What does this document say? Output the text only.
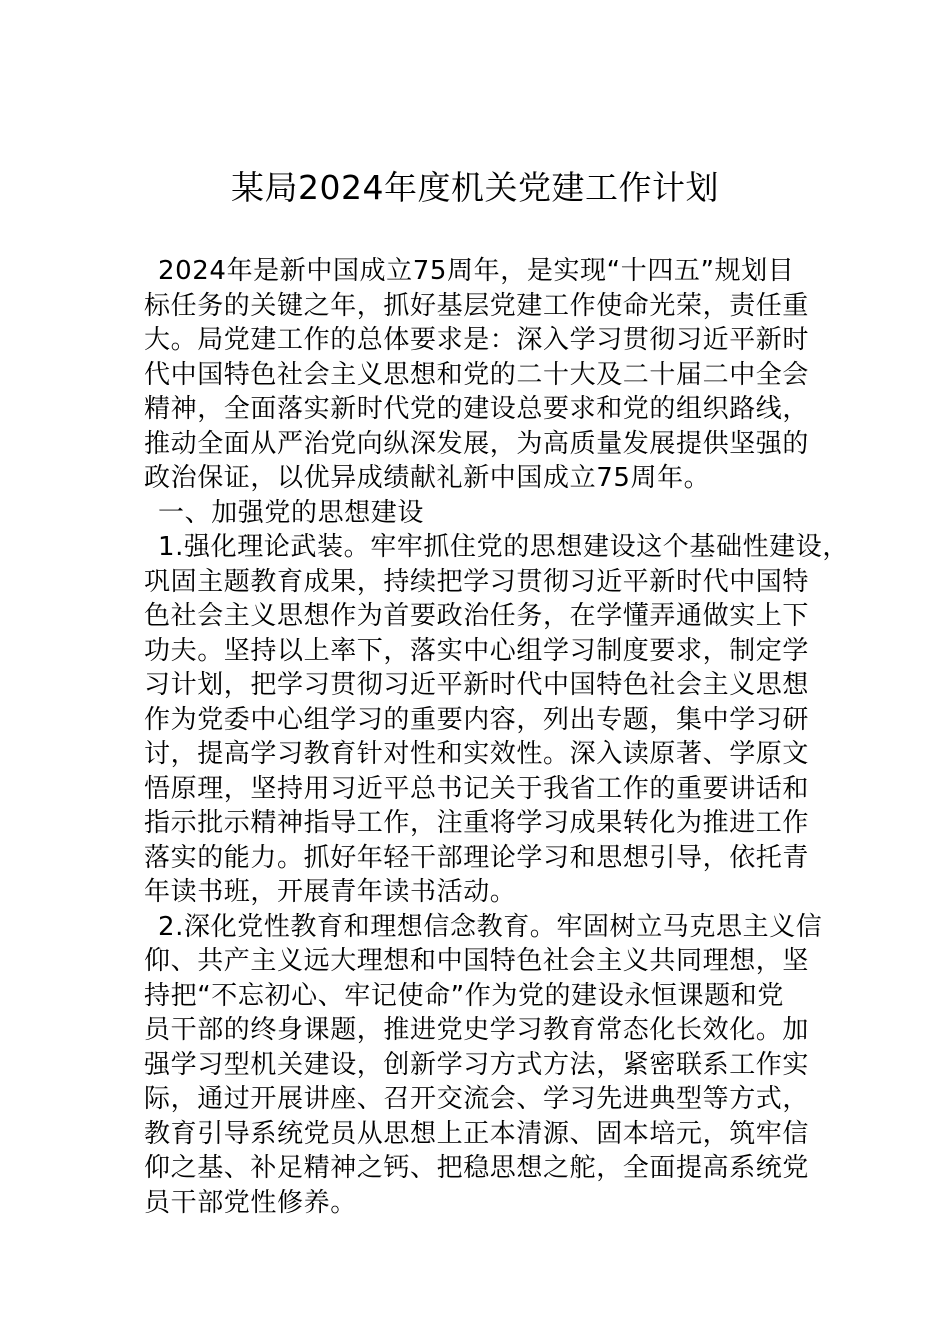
某局2024年度机关党建工作计划
2024年是新中国成立75周年，是实现“十四五”规划目
标任务的关键之年，抓好基层党建工作使命光荣，责任重
大。局党建工作的总体要求是：深入学习贯彻习近平新时
代中国特色社会主义思想和党的二十大及二十届二中全会
精神，全面落实新时代党的建设总要求和党的组织路线，
推动全面从严治党向纵深发展，为高质量发展提供坚强的
政治保证，以优异成绩献礼新中国成立75周年。
一、加强党的思想建设
1.强化理论武装。牢牢抓住党的思想建设这个基础性建设，
巩固主题教育成果，持续把学习贯彻习近平新时代中国特
色社会主义思想作为首要政治任务，在学懂弄通做实上下
功夫。坚持以上率下，落实中心组学习制度要求，制定学
习计划，把学习贯彻习近平新时代中国特色社会主义思想
作为党委中心组学习的重要内容，列出专题，集中学习研
讨，提高学习教育针对性和实效性。深入读原著、学原文
悟原理，坚持用习近平总书记关于我省工作的重要讲话和
指示批示精神指导工作，注重将学习成果转化为推进工作
落实的能力。抓好年轻干部理论学习和思想引导，依托青
年读书班，开展青年读书活动。
2.深化党性教育和理想信念教育。牢固树立马克思主义信
仰、共产主义远大理想和中国特色社会主义共同理想，坚
持把“不忘初心、牢记使命”作为党的建设永恒课题和党
员干部的终身课题，推进党史学习教育常态化长效化。加
强学习型机关建设，创新学习方式方法，紧密联系工作实
际，通过开展讲座、召开交流会、学习先进典型等方式，
教育引导系统党员从思想上正本清源、固本培元，筑牢信
仰之基、补足精神之钙、把稳思想之舵，全面提高系统党
员干部党性修养。
